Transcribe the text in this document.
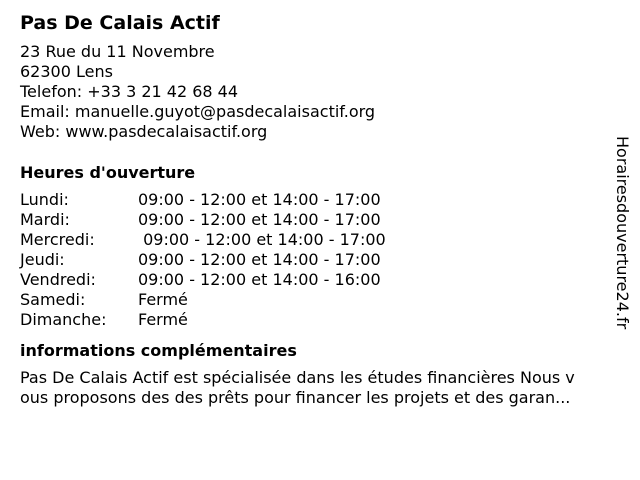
Pas De Calais Actif
23 Rue du 11 Novembre
62300 Lens
Telefon: +33 3 21 42 68 44
Email: manuelle.guyot@pasdecalaisactif.org
Web: www.pasdecalaisactif.org
Heures d'ouverture
Lundi:	09:00 - 12:00 et 14:00 - 17:00
Mardi:	09:00 - 12:00 et 14:00 - 17:00
Mercredi:	09:00 - 12:00 et 14:00 - 17:00
Jeudi:	09:00 - 12:00 et 14:00 - 17:00
Vendredi:	09:00 - 12:00 et 14:00 - 16:00
Samedi:	Fermé
Dimanche:	Fermé
informations complémentaires
Pas De Calais Actif est spécialisée dans les études financières Nous v
ous proposons des des prêts pour financer les projets et des garan...
Horairesdouverture24.fr
